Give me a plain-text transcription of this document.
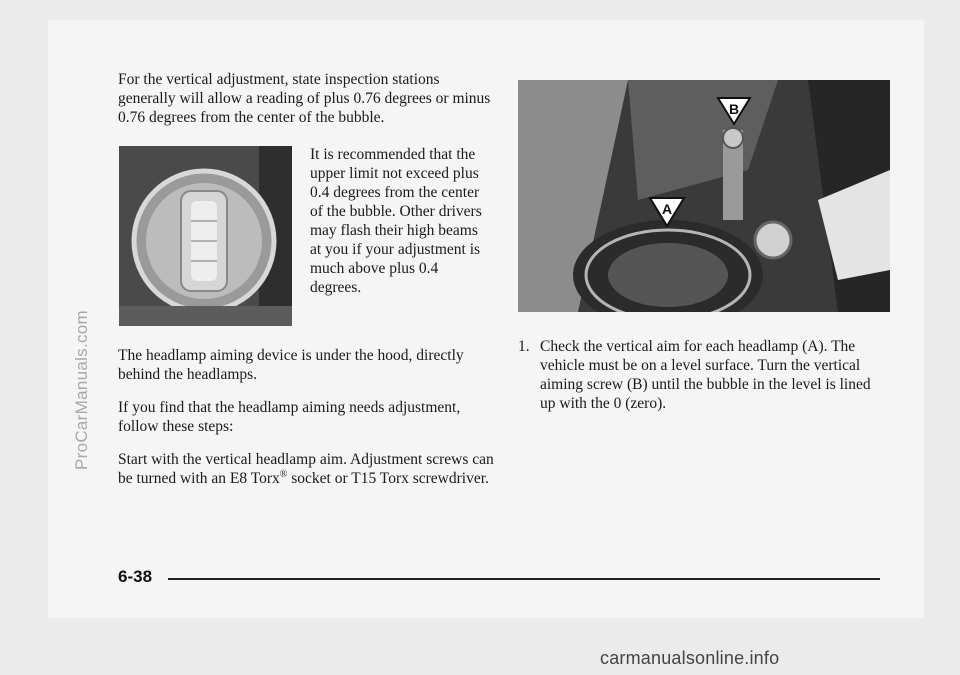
ProCarManuals.com

For the vertical adjustment, state inspection stations generally will allow a reading of plus 0.76 degrees or minus 0.76 degrees from the center of the bubble.

It is recommended that the upper limit not exceed plus 0.4 degrees from the center of the bubble. Other drivers may flash their high beams at you if your adjustment is much above plus 0.4 degrees.

The headlamp aiming device is under the hood, directly behind the headlamps.

If you find that the headlamp aiming needs adjustment, follow these steps:

Start with the vertical headlamp aim. Adjustment screws can be turned with an E8 Torx® socket or T15 Torx screwdriver.

B
A
1. Check the vertical aim for each headlamp (A). The vehicle must be on a level surface. Turn the vertical aiming screw (B) until the bubble in the level is lined up with the 0 (zero).
6-38
carmanualsonline.info
